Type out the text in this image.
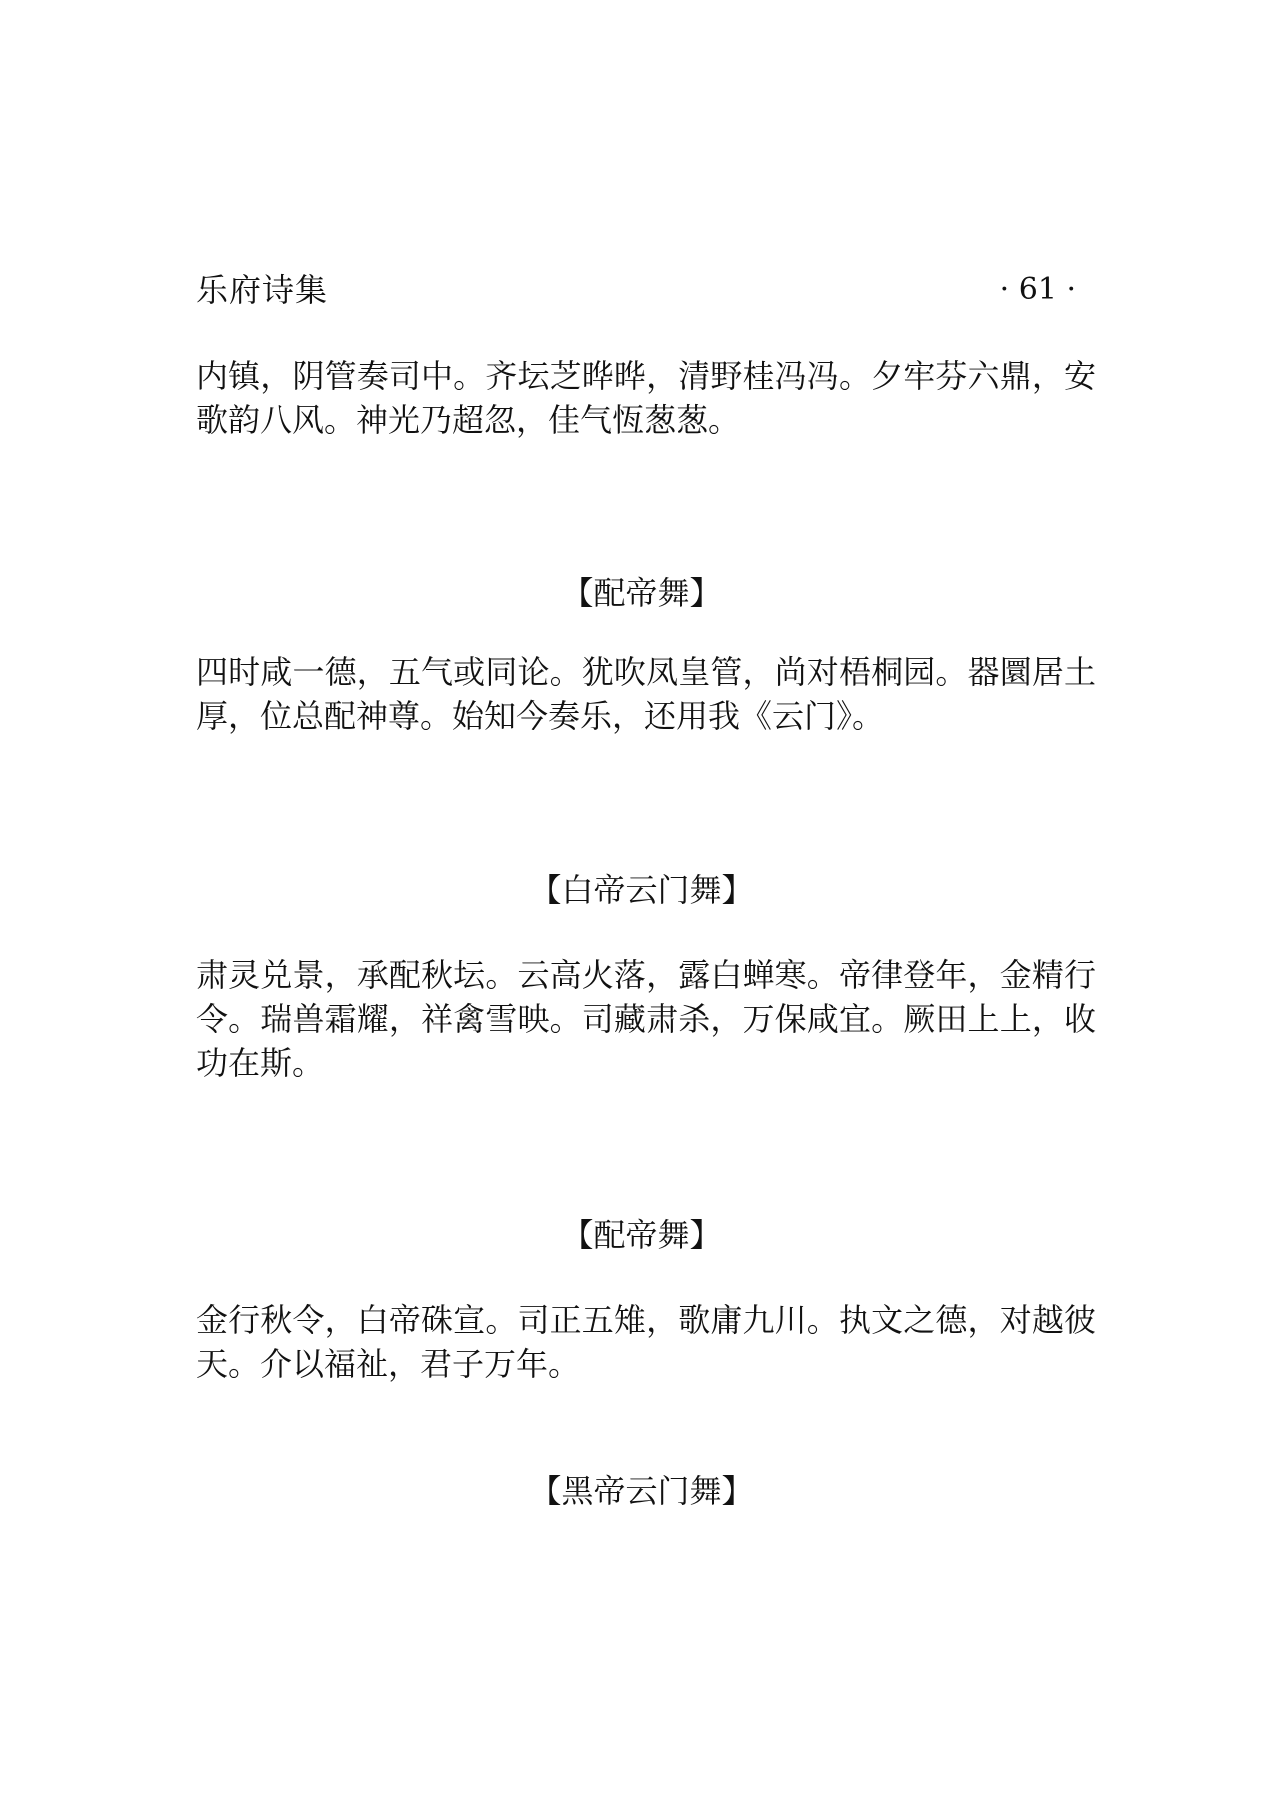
乐府诗集	· 61 ·

内镇，阴管奏司中。齐坛芝晔晔，清野桂冯冯。夕牢芬六鼎，安歌韵八风。神光乃超忽，佳气恆葱葱。

【配帝舞】

四时咸一德，五气或同论。犹吹凤皇管，尚对梧桐园。器圜居土厚，位总配神尊。始知今奏乐，还用我《云门》。

【白帝云门舞】

肃灵兑景，承配秋坛。云高火落，露白蝉寒。帝律登年，金精行令。瑞兽霜耀，祥禽雪映。司藏肃杀，万保咸宜。厥田上上，收功在斯。

【配帝舞】

金行秋令，白帝硃宣。司正五雉，歌庸九川。执文之德，对越彼天。介以福祉，君子万年。

【黑帝云门舞】
